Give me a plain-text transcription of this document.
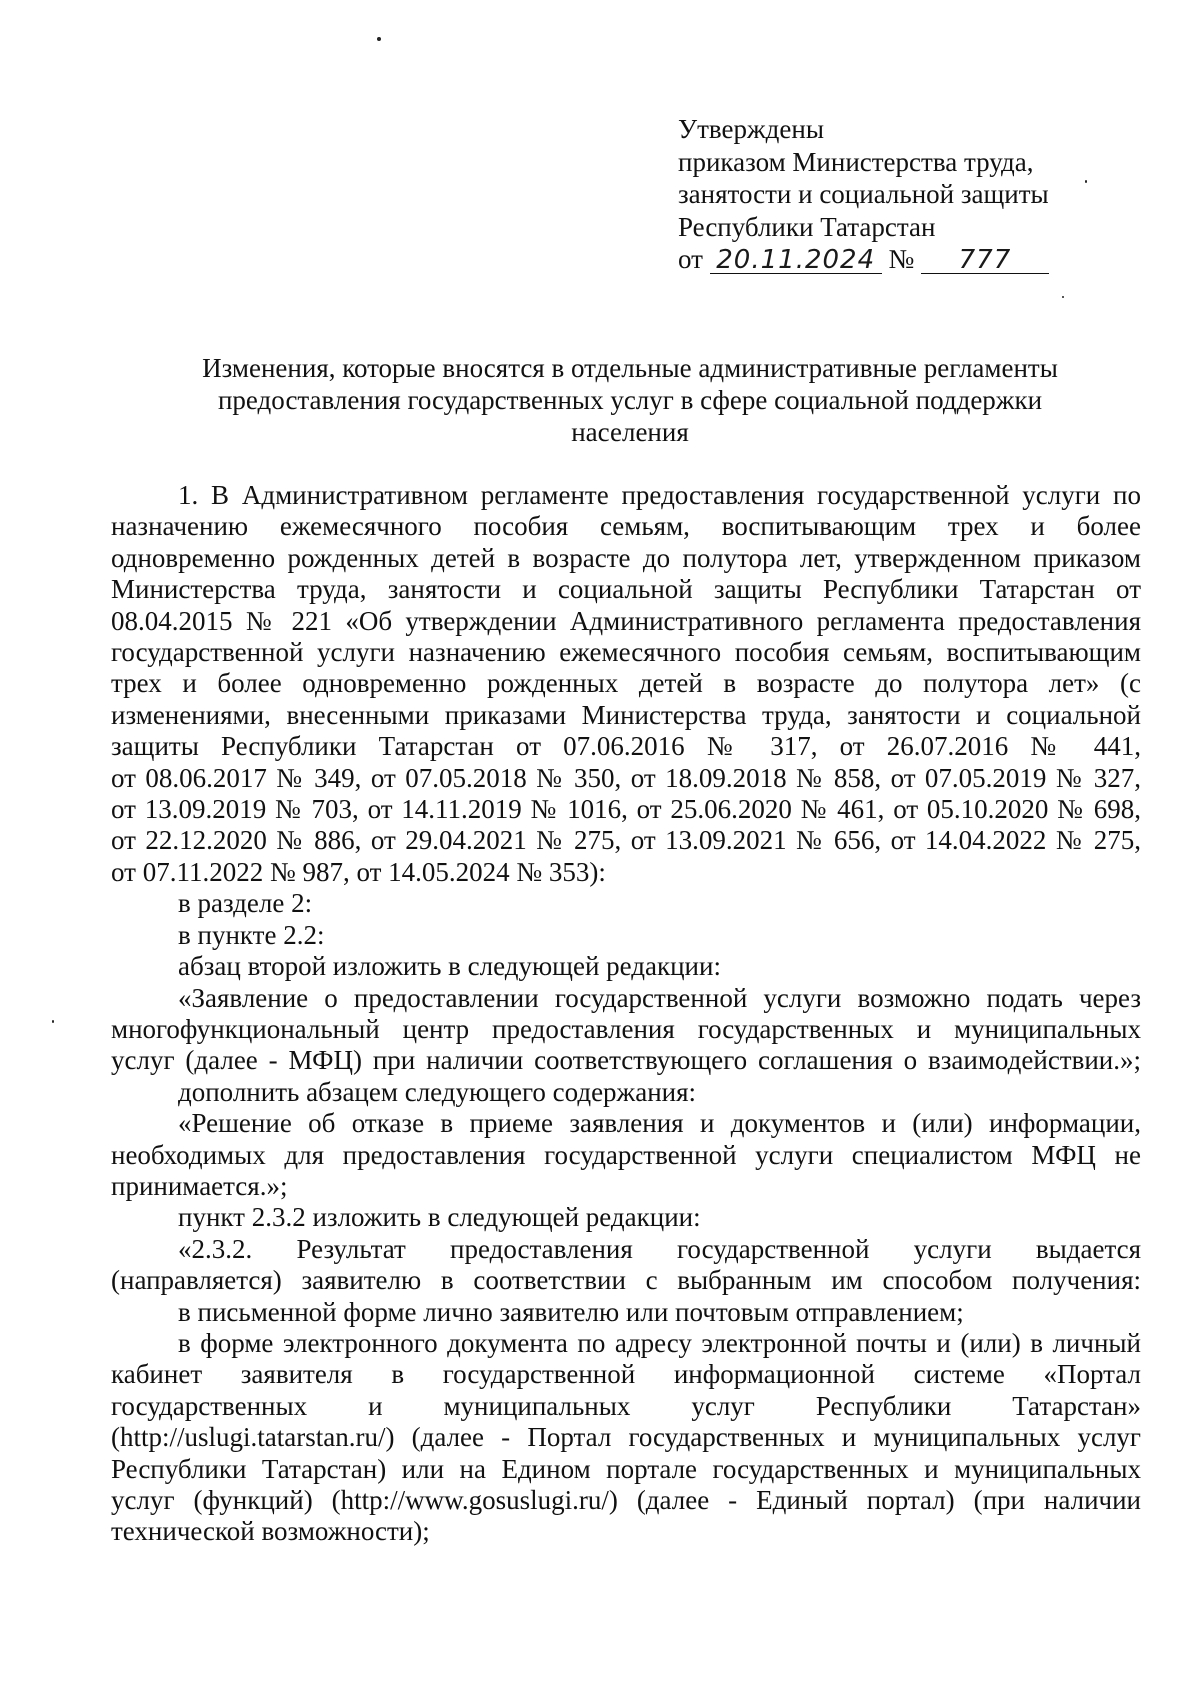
Утверждены
приказом Министерства труда,
занятости и социальной защиты
Республики Татарстан
от 20.11.2024 № 777
Изменения, которые вносятся в отдельные административные регламенты
предоставления государственных услуг в сфере социальной поддержки
населения

1. В Административном регламенте предоставления государственной услуги по

назначению ежемесячного пособия семьям, воспитывающим трех и более

одновременно рожденных детей в возрасте до полутора лет, утвержденном приказом

Министерства труда, занятости и социальной защиты Республики Татарстан от

08.04.2015 № 221 «Об утверждении Административного регламента предоставления

государственной услуги назначению ежемесячного пособия семьям, воспитывающим

трех и более одновременно рожденных детей в возрасте до полутора лет» (с

изменениями, внесенными приказами Министерства труда, занятости и социальной

защиты Республики Татарстан от 07.06.2016 № 317, от 26.07.2016 № 441,

от 08.06.2017 № 349, от 07.05.2018 № 350, от 18.09.2018 № 858, от 07.05.2019 № 327,

от 13.09.2019 № 703, от 14.11.2019 № 1016, от 25.06.2020 № 461, от 05.10.2020 № 698,

от 22.12.2020 № 886, от 29.04.2021 № 275, от 13.09.2021 № 656, от 14.04.2022 № 275,

от 07.11.2022 № 987, от 14.05.2024 № 353):

в разделе 2:

в пункте 2.2:

абзац второй изложить в следующей редакции:

«Заявление о предоставлении государственной услуги возможно подать через

многофункциональный центр предоставления государственных и муниципальных

услуг (далее - МФЦ) при наличии соответствующего соглашения о взаимодействии.»;

дополнить абзацем следующего содержания:

«Решение об отказе в приеме заявления и документов и (или) информации,

необходимых для предоставления государственной услуги специалистом МФЦ не

принимается.»;

пункт 2.3.2 изложить в следующей редакции:

«2.3.2. Результат предоставления государственной услуги выдается

(направляется) заявителю в соответствии с выбранным им способом получения:

в письменной форме лично заявителю или почтовым отправлением;

в форме электронного документа по адресу электронной почты и (или) в личный

кабинет заявителя в государственной информационной системе «Портал

государственных и муниципальных услуг Республики Татарстан»

(http://uslugi.tatarstan.ru/) (далее - Портал государственных и муниципальных услуг

Республики Татарстан) или на Едином портале государственных и муниципальных

услуг (функций) (http://www.gosuslugi.ru/) (далее - Единый портал) (при наличии

технической возможности);
